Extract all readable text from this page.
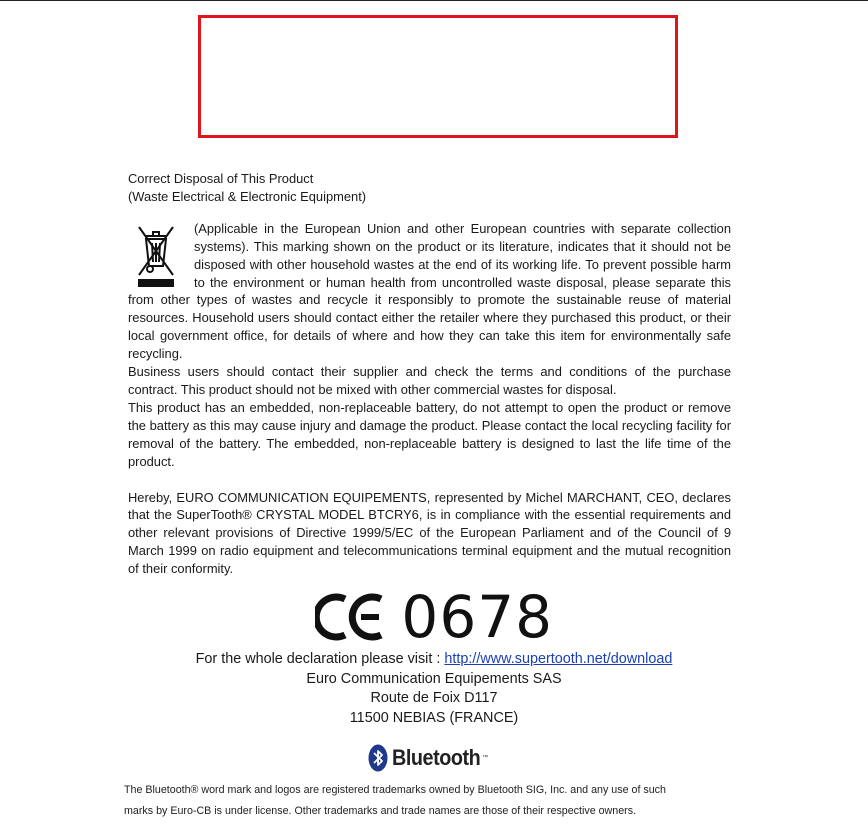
Correct Disposal of This Product

(Waste Electrical & Electronic Equipment)

(Applicable in the European Union and other European countries with separate collection systems). This marking shown on the product or its literature, indicates that it should not be disposed with other household wastes at the end of its working life. To prevent possible harm to the environment or human health from uncontrolled waste disposal, please separate this from other types of wastes and recycle it responsibly to promote the sustainable reuse of material resources. Household users should contact either the retailer where they purchased this product, or their local government office, for details of where and how they can take this item for environmentally safe recycling.

Business users should contact their supplier and check the terms and conditions of the purchase contract. This product should not be mixed with other commercial wastes for disposal.

This product has an embedded, non-replaceable battery, do not attempt to open the product or remove the battery as this may cause injury and damage the product. Please contact the local recycling facility for removal of the battery. The embedded, non-replaceable battery is designed to last the life time of the product.

Hereby, EURO COMMUNICATION EQUIPEMENTS, represented by Michel MARCHANT, CEO, declares that the SuperTooth® CRYSTAL MODEL BTCRY6, is in compliance with the essential requirements and other relevant provisions of Directive 1999/5/EC of the European Parliament and of the Council of 9 March 1999 on radio equipment and telecommunications terminal equipment and the mutual recognition of their conformity.

0678
For the whole declaration please visit : http://www.supertooth.net/download
Euro Communication Equipements SAS
Route de Foix D117
11500 NEBIAS (FRANCE)
Bluetooth ™

The Bluetooth® word mark and logos are registered trademarks owned by Bluetooth SIG, Inc. and any use of such

marks by Euro-CB is under license. Other trademarks and trade names are those of their respective owners.
